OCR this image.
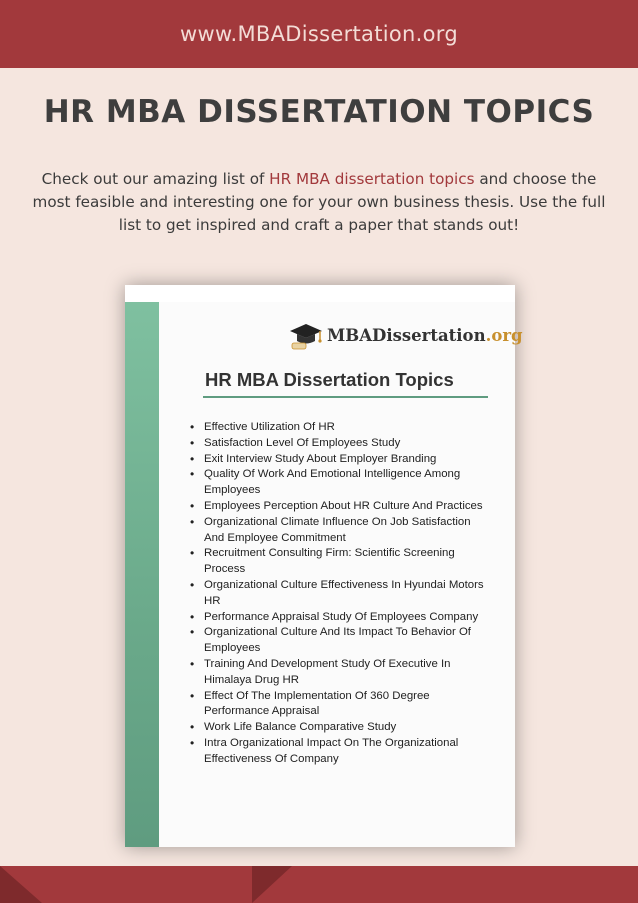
www.MBADissertation.org
HR MBA DISSERTATION TOPICS

Check out our amazing list of HR MBA dissertation topics and choose the most feasible and interesting one for your own business thesis. Use the full list to get inspired and craft a paper that stands out!

MBADissertation.org
HR MBA Dissertation Topics
• Effective Utilization Of HR
• Satisfaction Level Of Employees Study
• Exit Interview Study About Employer Branding
• Quality Of Work And Emotional Intelligence Among Employees
• Employees Perception About HR Culture And Practices
• Organizational Climate Influence On Job Satisfaction And Employee Commitment
• Recruitment Consulting Firm: Scientific Screening Process
• Organizational Culture Effectiveness In Hyundai Motors HR
• Performance Appraisal Study Of Employees Company
• Organizational Culture And Its Impact To Behavior Of Employees
• Training And Development Study Of Executive In Himalaya Drug HR
• Effect Of The Implementation Of 360 Degree Performance Appraisal
• Work Life Balance Comparative Study
• Intra Organizational Impact On The Organizational Effectiveness Of Company
